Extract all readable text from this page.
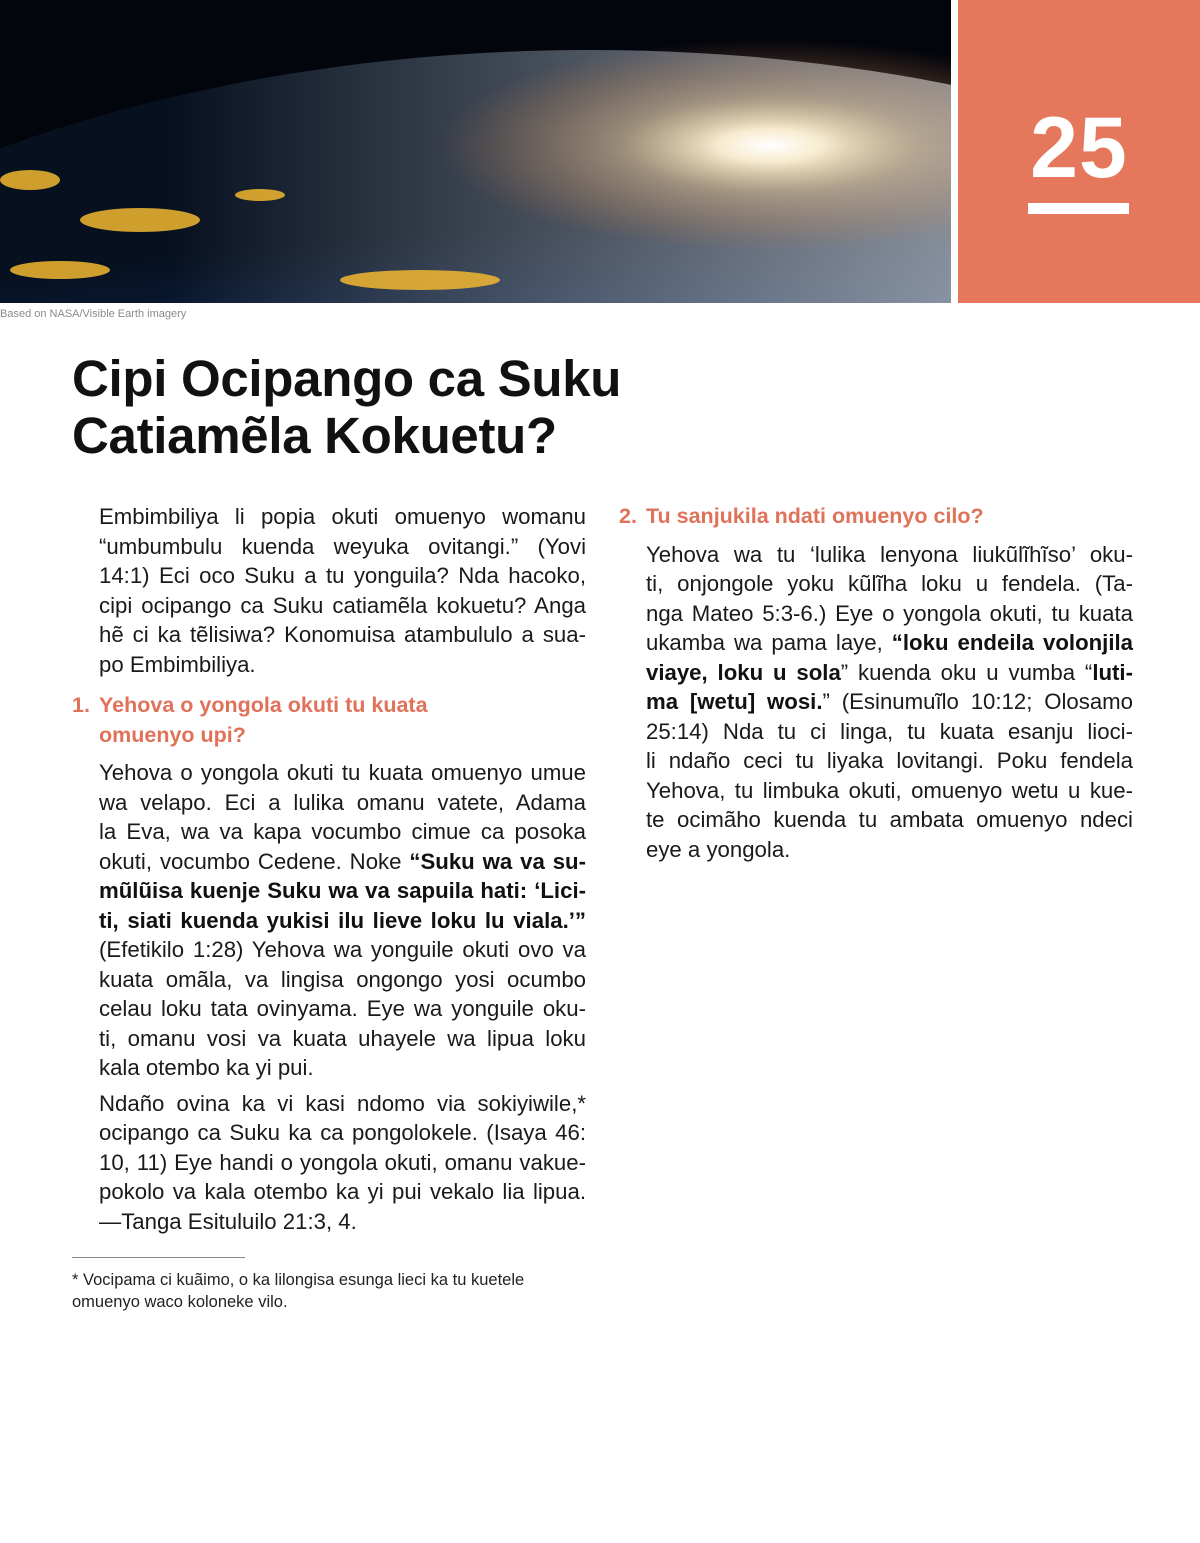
25
Based on NASA/Visible Earth imagery
Cipi Ocipango ca Suku
Catiamẽla Kokuetu?
Embimbiliya li popia okuti omuenyo womanu
“umbumbulu kuenda weyuka ovitangi.” (Yovi
14:1) Eci oco Suku a tu yonguila? Nda hacoko,
cipi ocipango ca Suku catiamẽla kokuetu? Anga
hẽ ci ka tẽlisiwa? Konomuisa atambululo a sua-
po Embimbiliya.
1. Yehova o yongola okuti tu kuata
omuenyo upi?
Yehova o yongola okuti tu kuata omuenyo umue
wa velapo. Eci a lulika omanu vatete, Adama
la Eva, wa va kapa vocumbo cimue ca posoka
okuti, vocumbo Cedene. Noke “Suku wa va su-
mũlũisa kuenje Suku wa va sapuila hati: ‘Lici-
ti, siati kuenda yukisi ilu lieve loku lu viala.’”
(Efetikilo 1:28) Yehova wa yonguile okuti ovo va
kuata omãla, va lingisa ongongo yosi ocumbo
celau loku tata ovinyama. Eye wa yonguile oku-
ti, omanu vosi va kuata uhayele wa lipua loku
kala otembo ka yi pui.
Ndaño ovina ka vi kasi ndomo via sokiyiwile,*
ocipango ca Suku ka ca pongolokele. (Isaya 46:
10, 11) Eye handi o yongola okuti, omanu vakue-
pokolo va kala otembo ka yi pui vekalo lia lipua.
—Tanga Esituluilo 21:3, 4.
2. Tu sanjukila ndati omuenyo cilo?
Yehova wa tu ‘lulika lenyona liukũlĩhĩso’ oku-
ti, onjongole yoku kũlĩha loku u fendela. (Ta-
nga Mateo 5:3-6.) Eye o yongola okuti, tu kuata
ukamba wa pama laye, “loku endeila volonjila
viaye, loku u sola” kuenda oku u vumba “luti-
ma [wetu] wosi.” (Esinumuĩlo 10:12; Olosamo
25:14) Nda tu ci linga, tu kuata esanju lioci-
li ndaño ceci tu liyaka lovitangi. Poku fendela
Yehova, tu limbuka okuti, omuenyo wetu u kue-
te ocimãho kuenda tu ambata omuenyo ndeci
eye a yongola.
* Vocipama ci kuãimo, o ka lilongisa esunga lieci ka tu kuetele
omuenyo waco koloneke vilo.
